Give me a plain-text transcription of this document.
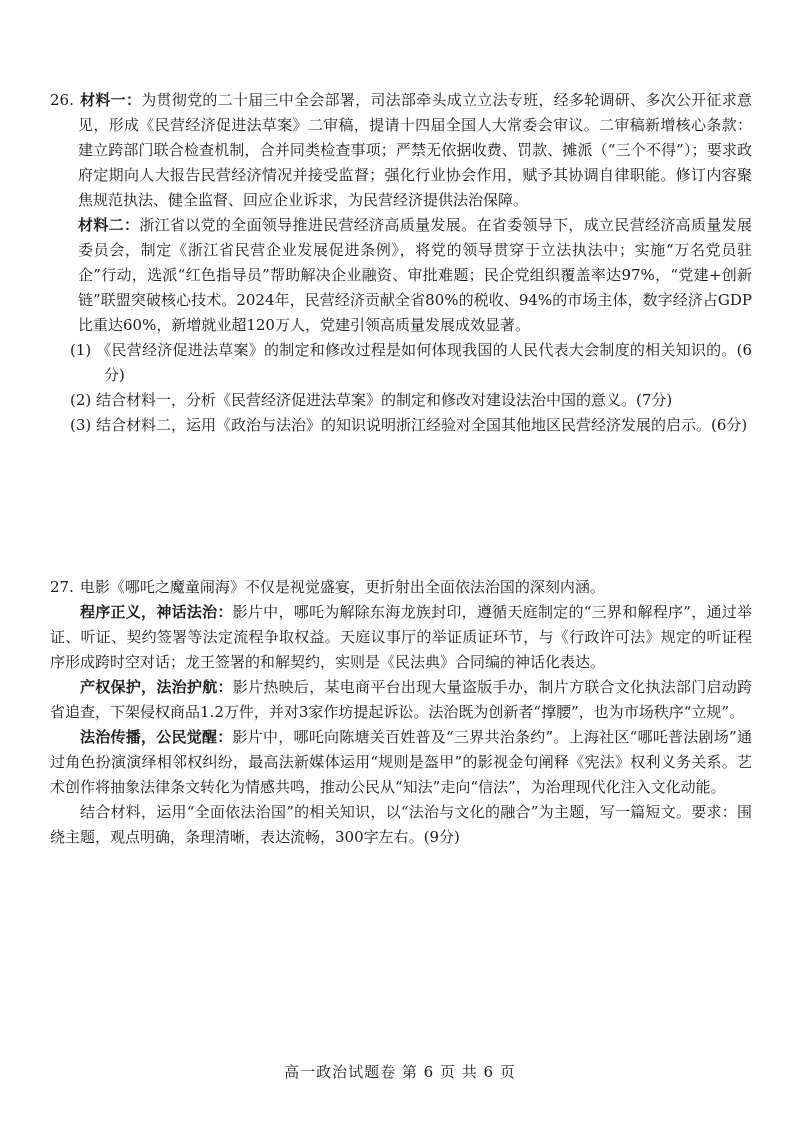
26. 材料一：为贯彻党的二十届三中全会部署，司法部牵头成立立法专班，经多轮调研、多次公开征求意见，形成《民营经济促进法草案》二审稿，提请十四届全国人大常委会审议。二审稿新增核心条款：建立跨部门联合检查机制，合并同类检查事项；严禁无依据收费、罚款、摊派（“三个不得”）；要求政府定期向人大报告民营经济情况并接受监督；强化行业协会作用，赋予其协调自律职能。修订内容聚焦规范执法、健全监督、回应企业诉求，为民营经济提供法治保障。

材料二：浙江省以党的全面领导推进民营经济高质量发展。在省委领导下，成立民营经济高质量发展委员会，制定《浙江省民营企业发展促进条例》，将党的领导贯穿于立法执法中；实施“万名党员驻企”行动，选派“红色指导员”帮助解决企业融资、审批难题；民企党组织覆盖率达97%，“党建+创新链”联盟突破核心技术。2024年，民营经济贡献全省80%的税收、94%的市场主体，数字经济占GDP比重达60%，新增就业超120万人，党建引领高质量发展成效显著。

(1) 《民营经济促进法草案》的制定和修改过程是如何体现我国的人民代表大会制度的相关知识的。(6分)

(2) 结合材料一，分析《民营经济促进法草案》的制定和修改对建设法治中国的意义。(7分)

(3) 结合材料二，运用《政治与法治》的知识说明浙江经验对全国其他地区民营经济发展的启示。(6分)

27. 电影《哪吒之魔童闹海》不仅是视觉盛宴，更折射出全面依法治国的深刻内涵。

程序正义，神话法治：影片中，哪吒为解除东海龙族封印，遵循天庭制定的“三界和解程序”，通过举证、听证、契约签署等法定流程争取权益。天庭议事厅的举证质证环节，与《行政许可法》规定的听证程序形成跨时空对话；龙王签署的和解契约，实则是《民法典》合同编的神话化表达。

产权保护，法治护航：影片热映后，某电商平台出现大量盗版手办，制片方联合文化执法部门启动跨省追查，下架侵权商品1.2万件，并对3家作坊提起诉讼。法治既为创新者“撑腰”，也为市场秩序“立规”。

法治传播，公民觉醒：影片中，哪吒向陈塘关百姓普及“三界共治条约”。上海社区“哪吒普法剧场”通过角色扮演演绎相邻权纠纷，最高法新媒体运用“规则是盔甲”的影视金句阐释《宪法》权利义务关系。艺术创作将抽象法律条文转化为情感共鸣，推动公民从“知法”走向“信法”，为治理现代化注入文化动能。

结合材料，运用“全面依法治国”的相关知识，以“法治与文化的融合”为主题，写一篇短文。要求：围绕主题，观点明确，条理清晰，表达流畅，300字左右。(9分)

高一政治试题卷 第 6 页 共 6 页
